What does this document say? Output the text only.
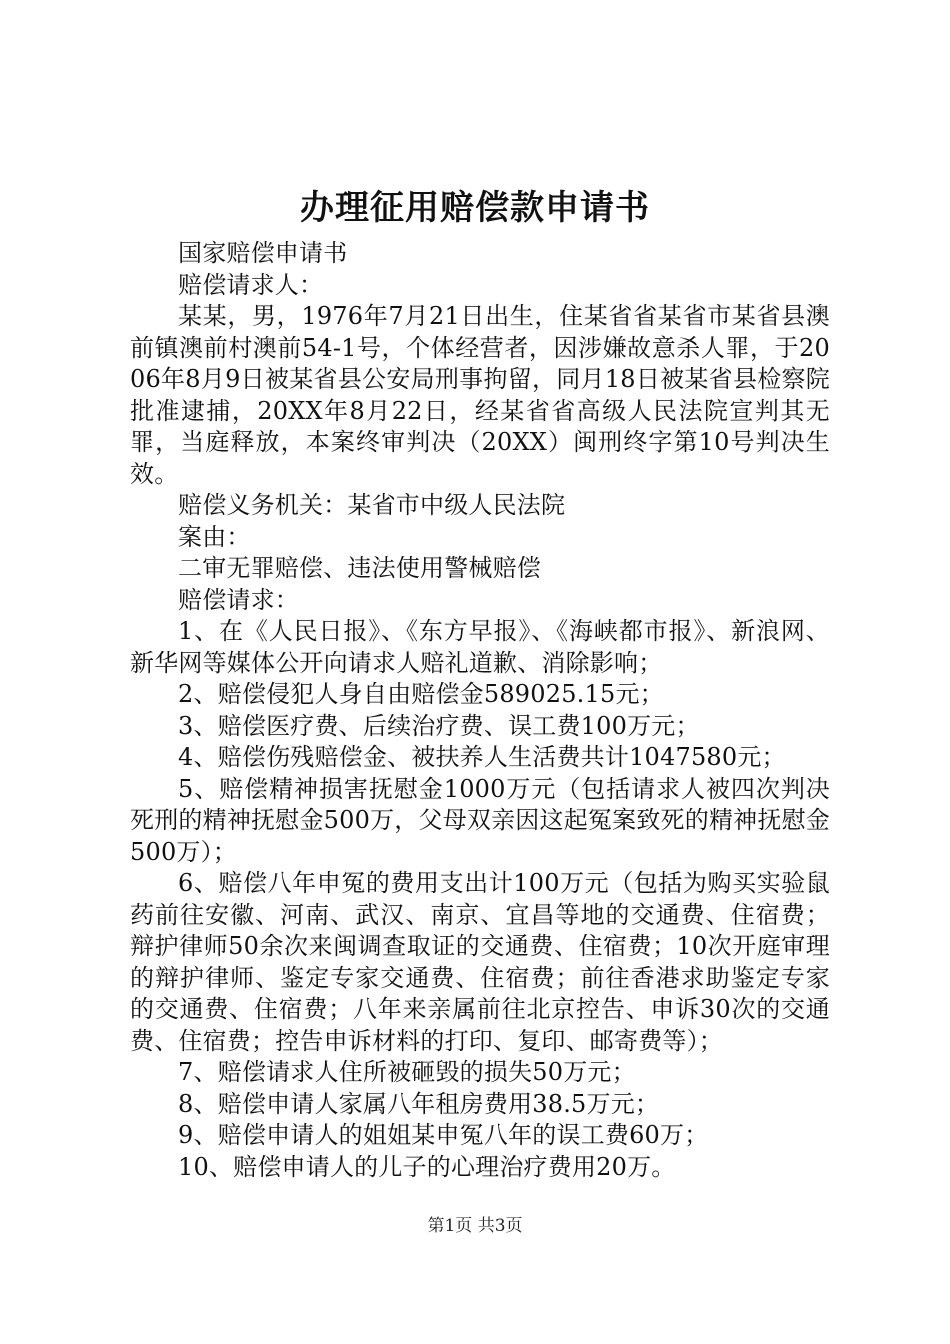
办理征用赔偿款申请书

国家赔偿申请书

赔偿请求人：

某某，男，1976年7月21日出生，住某省省某省市某省县澳前镇澳前村澳前54-1号，个体经营者，因涉嫌故意杀人罪，于2006年8月9日被某省县公安局刑事拘留，同月18日被某省县检察院批准逮捕，20XX年8月22日，经某省省高级人民法院宣判其无罪，当庭释放，本案终审判决（20XX）闽刑终字第10号判决生效。

赔偿义务机关：某省市中级人民法院

案由：

二审无罪赔偿、违法使用警械赔偿

赔偿请求：

1、在《人民日报》、《东方早报》、《海峡都市报》、新浪网、新华网等媒体公开向请求人赔礼道歉、消除影响；

2、赔偿侵犯人身自由赔偿金589025.15元；

3、赔偿医疗费、后续治疗费、误工费100万元；

4、赔偿伤残赔偿金、被扶养人生活费共计1047580元；

5、赔偿精神损害抚慰金1000万元（包括请求人被四次判决死刑的精神抚慰金500万，父母双亲因这起冤案致死的精神抚慰金500万）；

6、赔偿八年申冤的费用支出计100万元（包括为购买实验鼠药前往安徽、河南、武汉、南京、宜昌等地的交通费、住宿费；辩护律师50余次来闽调查取证的交通费、住宿费；10次开庭审理的辩护律师、鉴定专家交通费、住宿费；前往香港求助鉴定专家的交通费、住宿费；八年来亲属前往北京控告、申诉30次的交通费、住宿费；控告申诉材料的打印、复印、邮寄费等）；

7、赔偿请求人住所被砸毁的损失50万元；

8、赔偿申请人家属八年租房费用38.5万元；

9、赔偿申请人的姐姐某申冤八年的误工费60万；

10、赔偿申请人的儿子的心理治疗费用20万。

第1页 共3页
